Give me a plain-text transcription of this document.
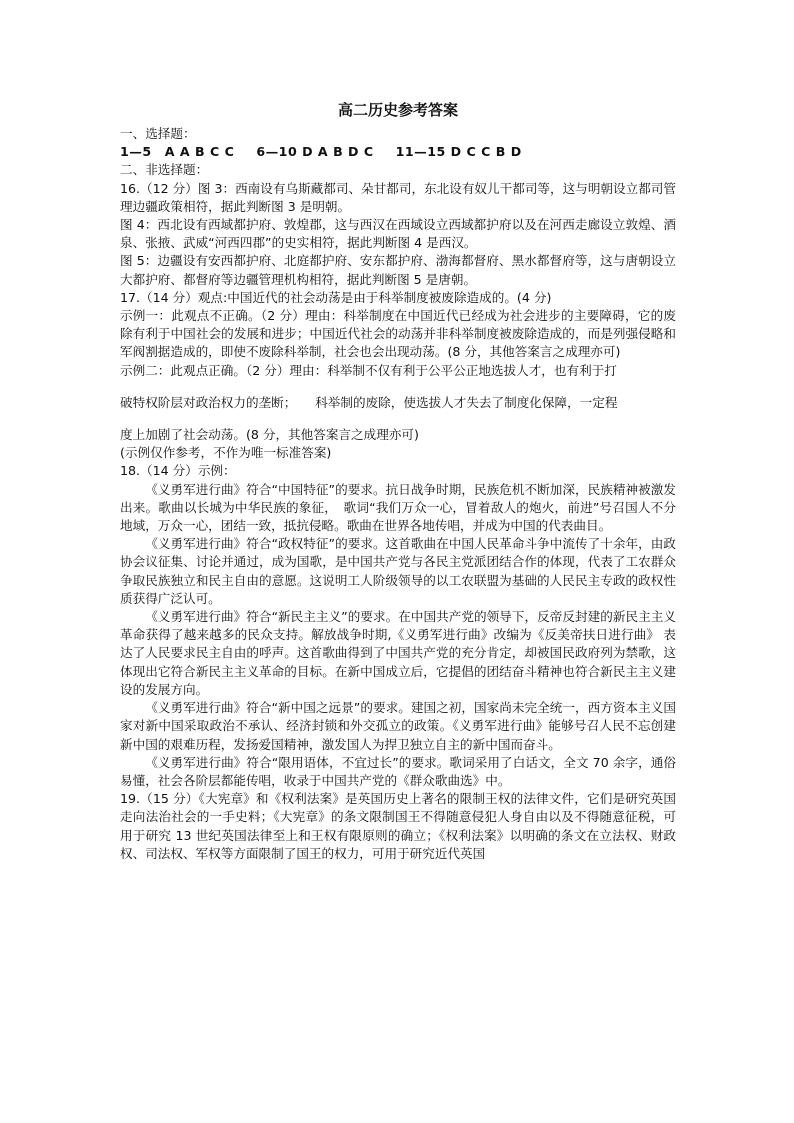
高二历史参考答案

一、选择题：

1—5　A A B C C 6—10 D A B D C 11—15 D C C B D

二、非选择题：

16.（12 分）图 3：西南设有乌斯藏都司、朵甘都司，东北设有奴儿干都司等，这与明朝设立都司管理边疆政策相符，据此判断图 3 是明朝。

图 4：西北设有西域都护府、敦煌郡，这与西汉在西域设立西域都护府以及在河西走廊设立敦煌、酒泉、张掖、武威“河西四郡”的史实相符，据此判断图 4 是西汉。

图 5：边疆设有安西都护府、北庭都护府、安东都护府、渤海都督府、黑水都督府等，这与唐朝设立大都护府、都督府等边疆管理机构相符，据此判断图 5 是唐朝。

17.（14 分）观点:中国近代的社会动荡是由于科举制度被废除造成的。(4 分)

示例一：此观点不正确。（2 分）理由：科举制度在中国近代已经成为社会进步的主要障碍，它的废除有利于中国社会的发展和进步；中国近代社会的动荡并非科举制度被废除造成的，而是列强侵略和军阀割据造成的，即使不废除科举制，社会也会出现动荡。(8 分，其他答案言之成理亦可)

示例二：此观点正确。（2 分）理由：科举制不仅有利于公平公正地选拔人才，也有利于打

破特权阶层对政治权力的垄断；　　科举制的废除，使选拔人才失去了制度化保障，一定程

度上加剧了社会动荡。(8 分，其他答案言之成理亦可)

(示例仅作参考，不作为唯一标准答案)

18.（14 分）示例：

《义勇军进行曲》符合“中国特征”的要求。抗日战争时期，民族危机不断加深，民族精神被激发出来。歌曲以长城为中华民族的象征，　歌词“我们万众一心，冒着敌人的炮火，前进”号召国人不分地域，万众一心，团结一致，抵抗侵略。歌曲在世界各地传唱，并成为中国的代表曲目。

《义勇军进行曲》符合“政权特征”的要求。这首歌曲在中国人民革命斗争中流传了十余年，由政协会议征集、讨论并通过，成为国歌，是中国共产党与各民主党派团结合作的体现，代表了工农群众争取民族独立和民主自由的意愿。这说明工人阶级领导的以工农联盟为基础的人民民主专政的政权性质获得广泛认可。

《义勇军进行曲》符合“新民主主义”的要求。在中国共产党的领导下，反帝反封建的新民主主义革命获得了越来越多的民众支持。解放战争时期,《义勇军进行曲》改编为《反美帝扶日进行曲》 表达了人民要求民主自由的呼声。这首歌曲得到了中国共产党的充分肯定，却被国民政府列为禁歌，这体现出它符合新民主主义革命的目标。在新中国成立后，它提倡的团结奋斗精神也符合新民主主义建设的发展方向。

《义勇军进行曲》符合“新中国之远景”的要求。建国之初，国家尚未完全统一，西方资本主义国家对新中国采取政治不承认、经济封锁和外交孤立的政策。《义勇军进行曲》能够号召人民不忘创建新中国的艰难历程，发扬爱国精神，激发国人为捍卫独立自主的新中国而奋斗。

《义勇军进行曲》符合“限用语体，不宜过长”的要求。歌词采用了白话文，全文 70 余字，通俗易懂，社会各阶层都能传唱，收录于中国共产党的《群众歌曲选》中。

19.（15 分）《大宪章》和《权利法案》是英国历史上著名的限制王权的法律文件，它们是研究英国走向法治社会的一手史料；《大宪章》的条文限制国王不得随意侵犯人身自由以及不得随意征税，可用于研究 13 世纪英国法律至上和王权有限原则的确立；《权利法案》以明确的条文在立法权、财政权、司法权、军权等方面限制了国王的权力，可用于研究近代英国
